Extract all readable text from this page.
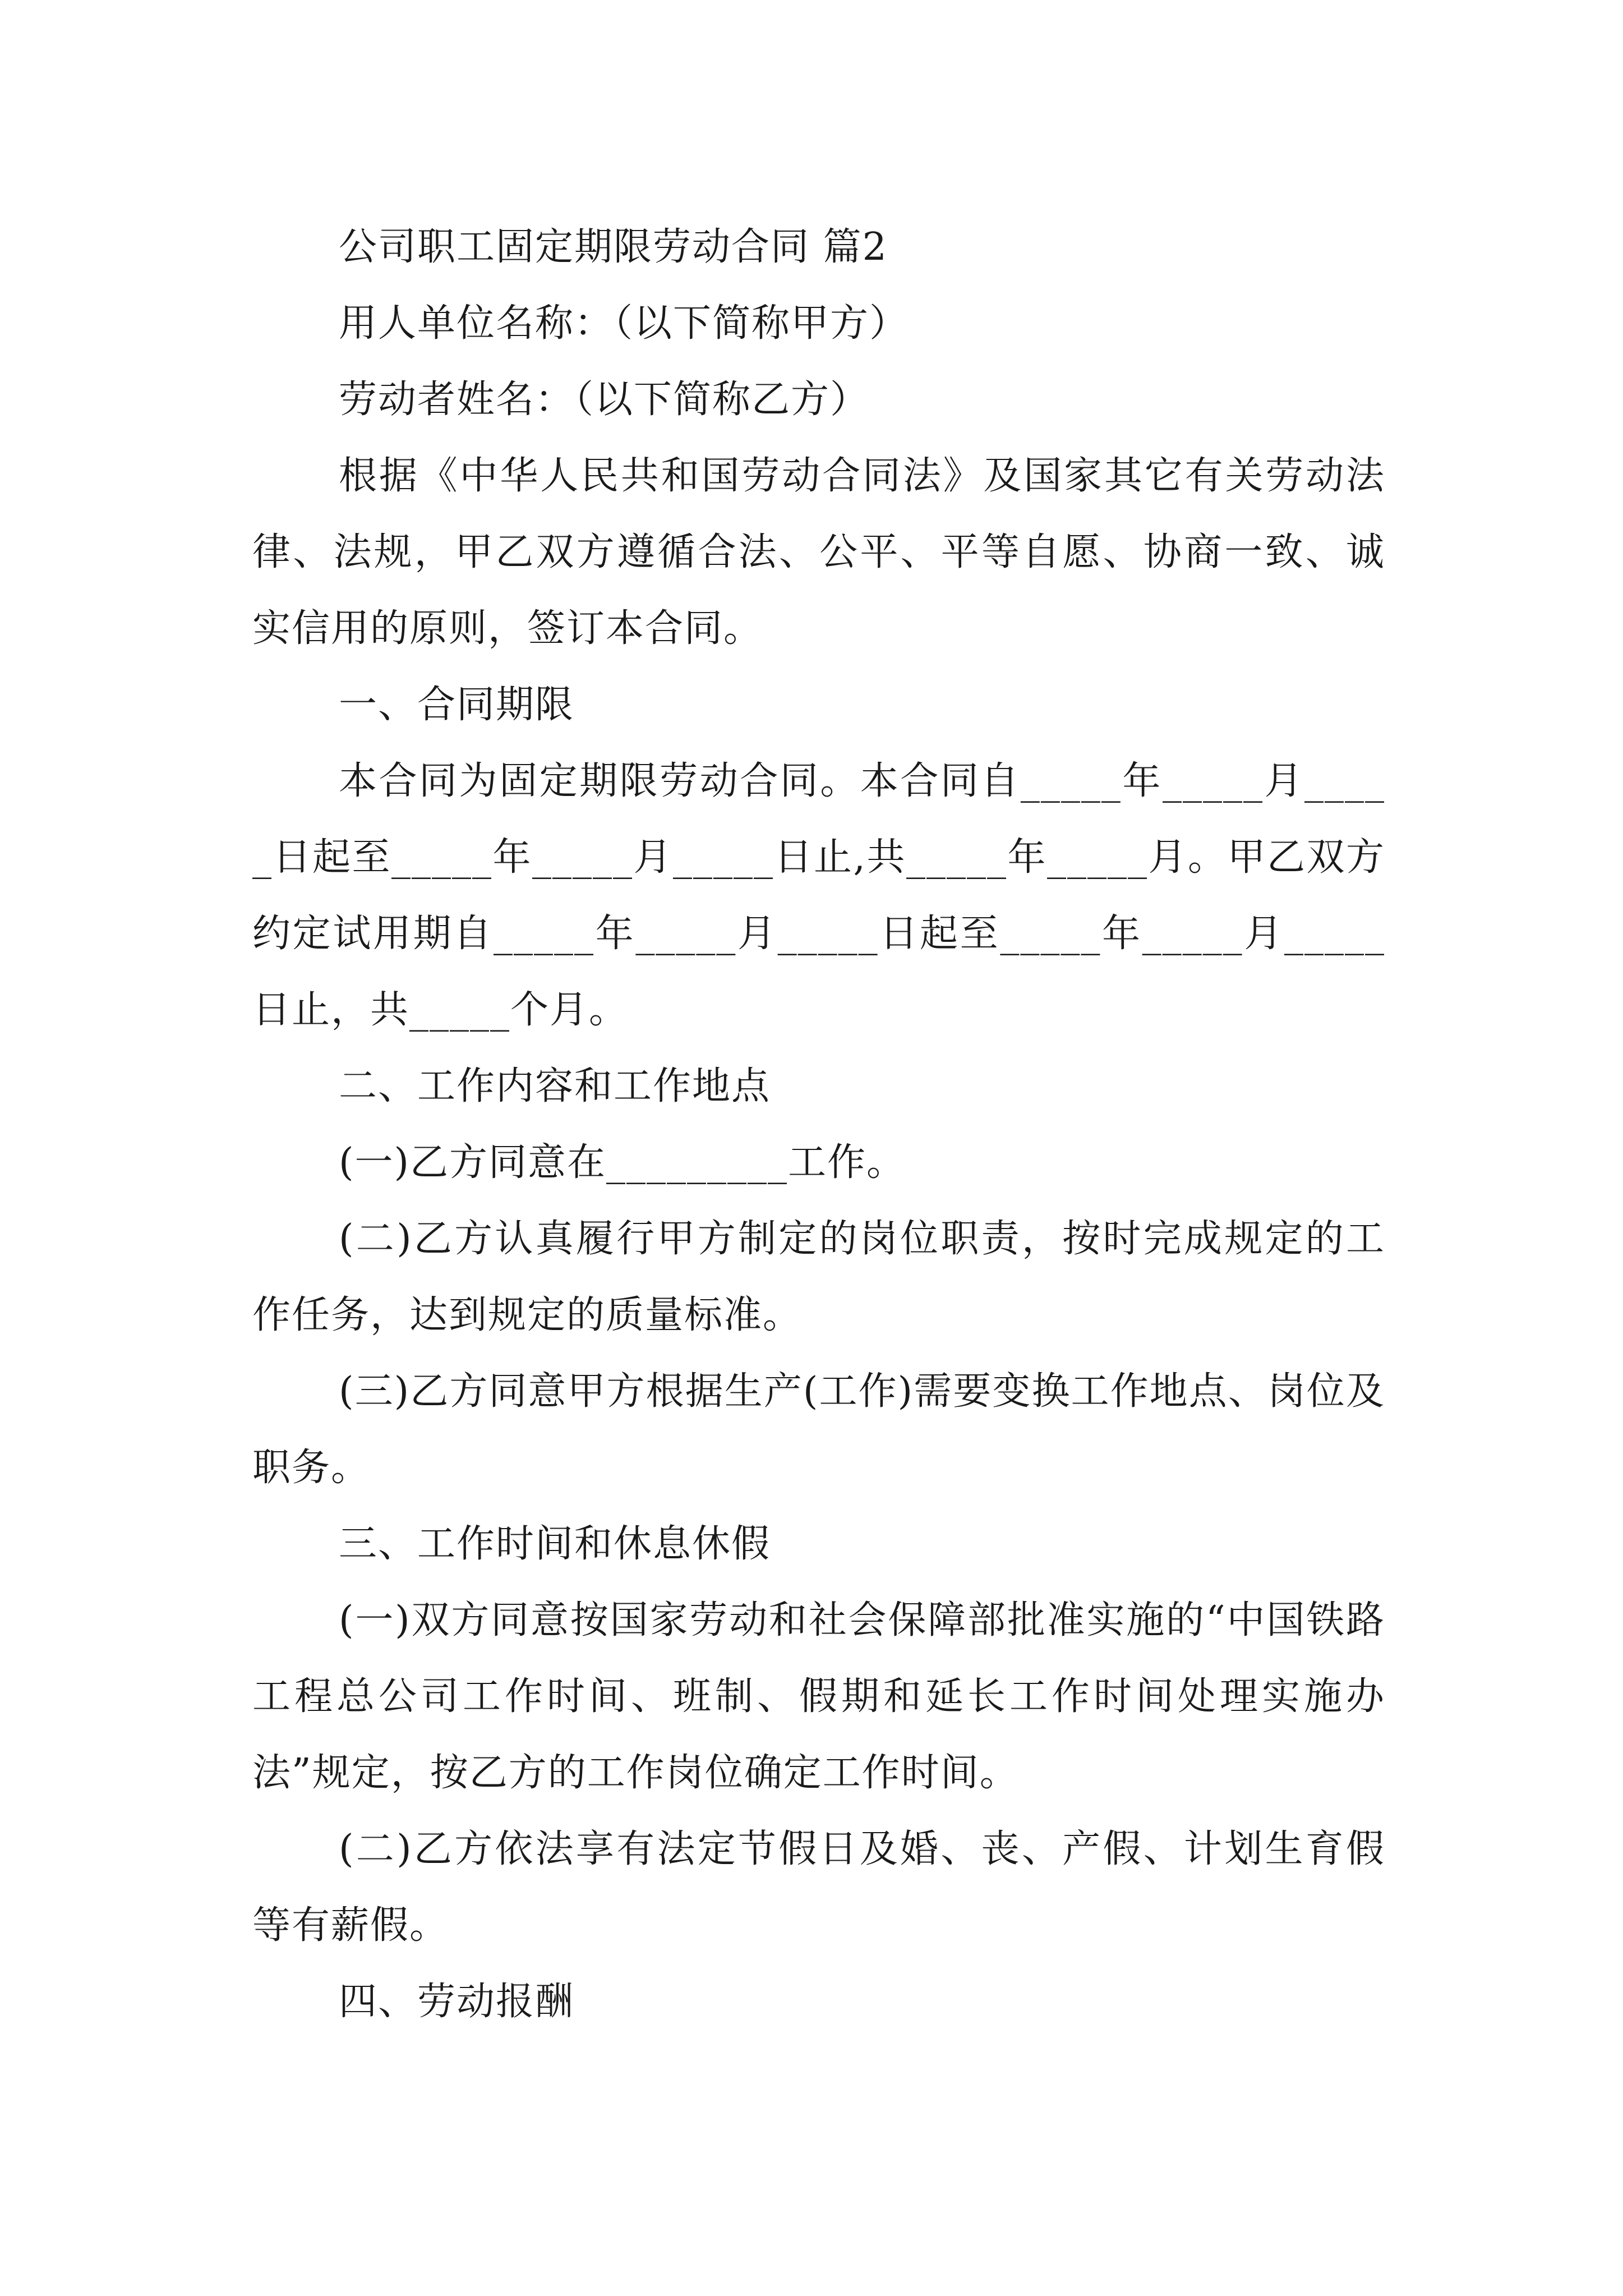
公司职工固定期限劳动合同 篇2

用人单位名称：（以下简称甲方）

劳动者姓名：（以下简称乙方）

根据《中华人民共和国劳动合同法》及国家其它有关劳动法律、法规，甲乙双方遵循合法、公平、平等自愿、协商一致、诚实信用的原则，签订本合同。

一、合同期限

本合同为固定期限劳动合同。本合同自_____年_____月_____日起至_____年_____月_____日止,共_____年_____月。甲乙双方约定试用期自_____年_____月_____日起至_____年_____月_____日止，共_____个月。

二、工作内容和工作地点

(一)乙方同意在_________工作。

(二)乙方认真履行甲方制定的岗位职责，按时完成规定的工作任务，达到规定的质量标准。

(三)乙方同意甲方根据生产(工作)需要变换工作地点、岗位及职务。

三、工作时间和休息休假

(一)双方同意按国家劳动和社会保障部批准实施的“中国铁路工程总公司工作时间、班制、假期和延长工作时间处理实施办法”规定，按乙方的工作岗位确定工作时间。

(二)乙方依法享有法定节假日及婚、丧、产假、计划生育假等有薪假。

四、劳动报酬
